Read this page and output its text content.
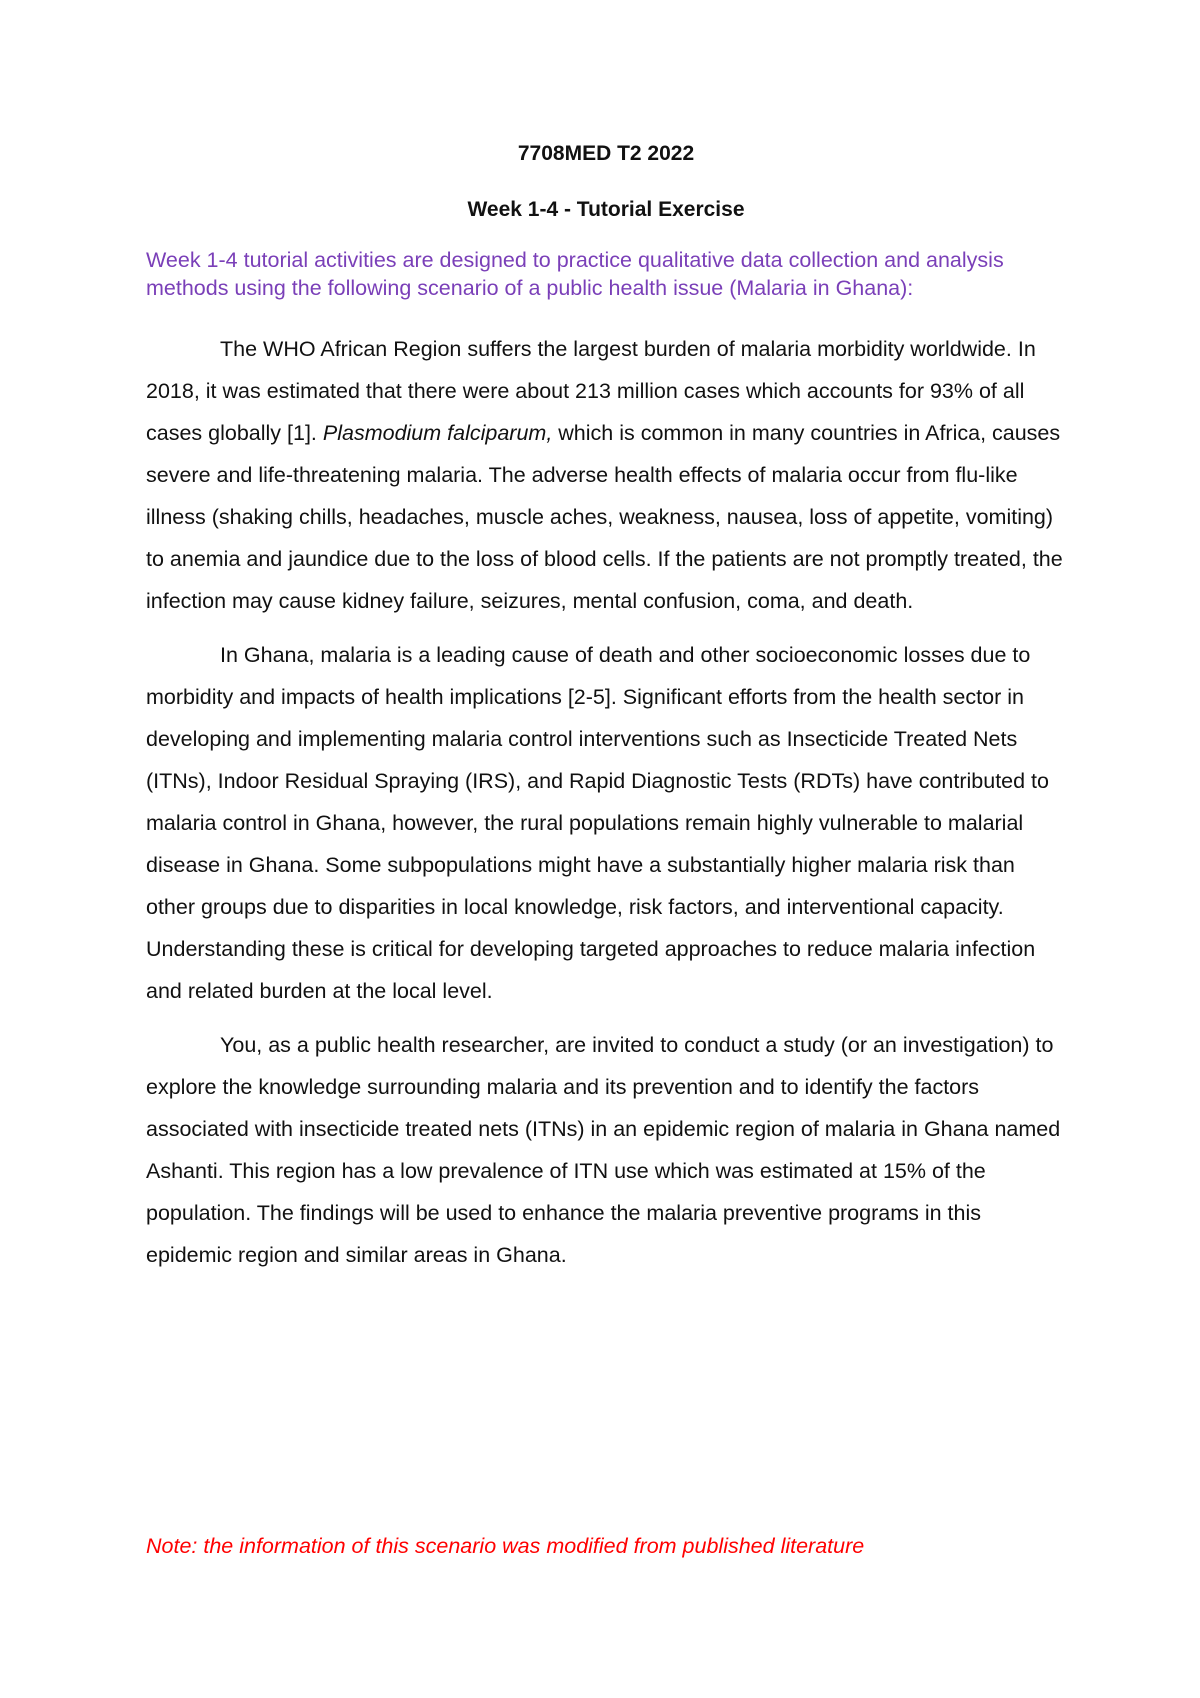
7708MED T2 2022
Week 1-4 - Tutorial Exercise

Week 1-4 tutorial activities are designed to practice qualitative data collection and analysis methods using the following scenario of a public health issue (Malaria in Ghana):

The WHO African Region suffers the largest burden of malaria morbidity worldwide. In 2018, it was estimated that there were about 213 million cases which accounts for 93% of all cases globally [1]. Plasmodium falciparum, which is common in many countries in Africa, causes severe and life-threatening malaria. The adverse health effects of malaria occur from flu-like illness (shaking chills, headaches, muscle aches, weakness, nausea, loss of appetite, vomiting) to anemia and jaundice due to the loss of blood cells. If the patients are not promptly treated, the infection may cause kidney failure, seizures, mental confusion, coma, and death.

In Ghana, malaria is a leading cause of death and other socioeconomic losses due to morbidity and impacts of health implications [2-5]. Significant efforts from the health sector in developing and implementing malaria control interventions such as Insecticide Treated Nets (ITNs), Indoor Residual Spraying (IRS), and Rapid Diagnostic Tests (RDTs) have contributed to malaria control in Ghana, however, the rural populations remain highly vulnerable to malarial disease in Ghana. Some subpopulations might have a substantially higher malaria risk than other groups due to disparities in local knowledge, risk factors, and interventional capacity. Understanding these is critical for developing targeted approaches to reduce malaria infection and related burden at the local level.

You, as a public health researcher, are invited to conduct a study (or an investigation) to explore the knowledge surrounding malaria and its prevention and to identify the factors associated with insecticide treated nets (ITNs) in an epidemic region of malaria in Ghana named Ashanti. This region has a low prevalence of ITN use which was estimated at 15% of the population. The findings will be used to enhance the malaria preventive programs in this epidemic region and similar areas in Ghana.

Note: the information of this scenario was modified from published literature
